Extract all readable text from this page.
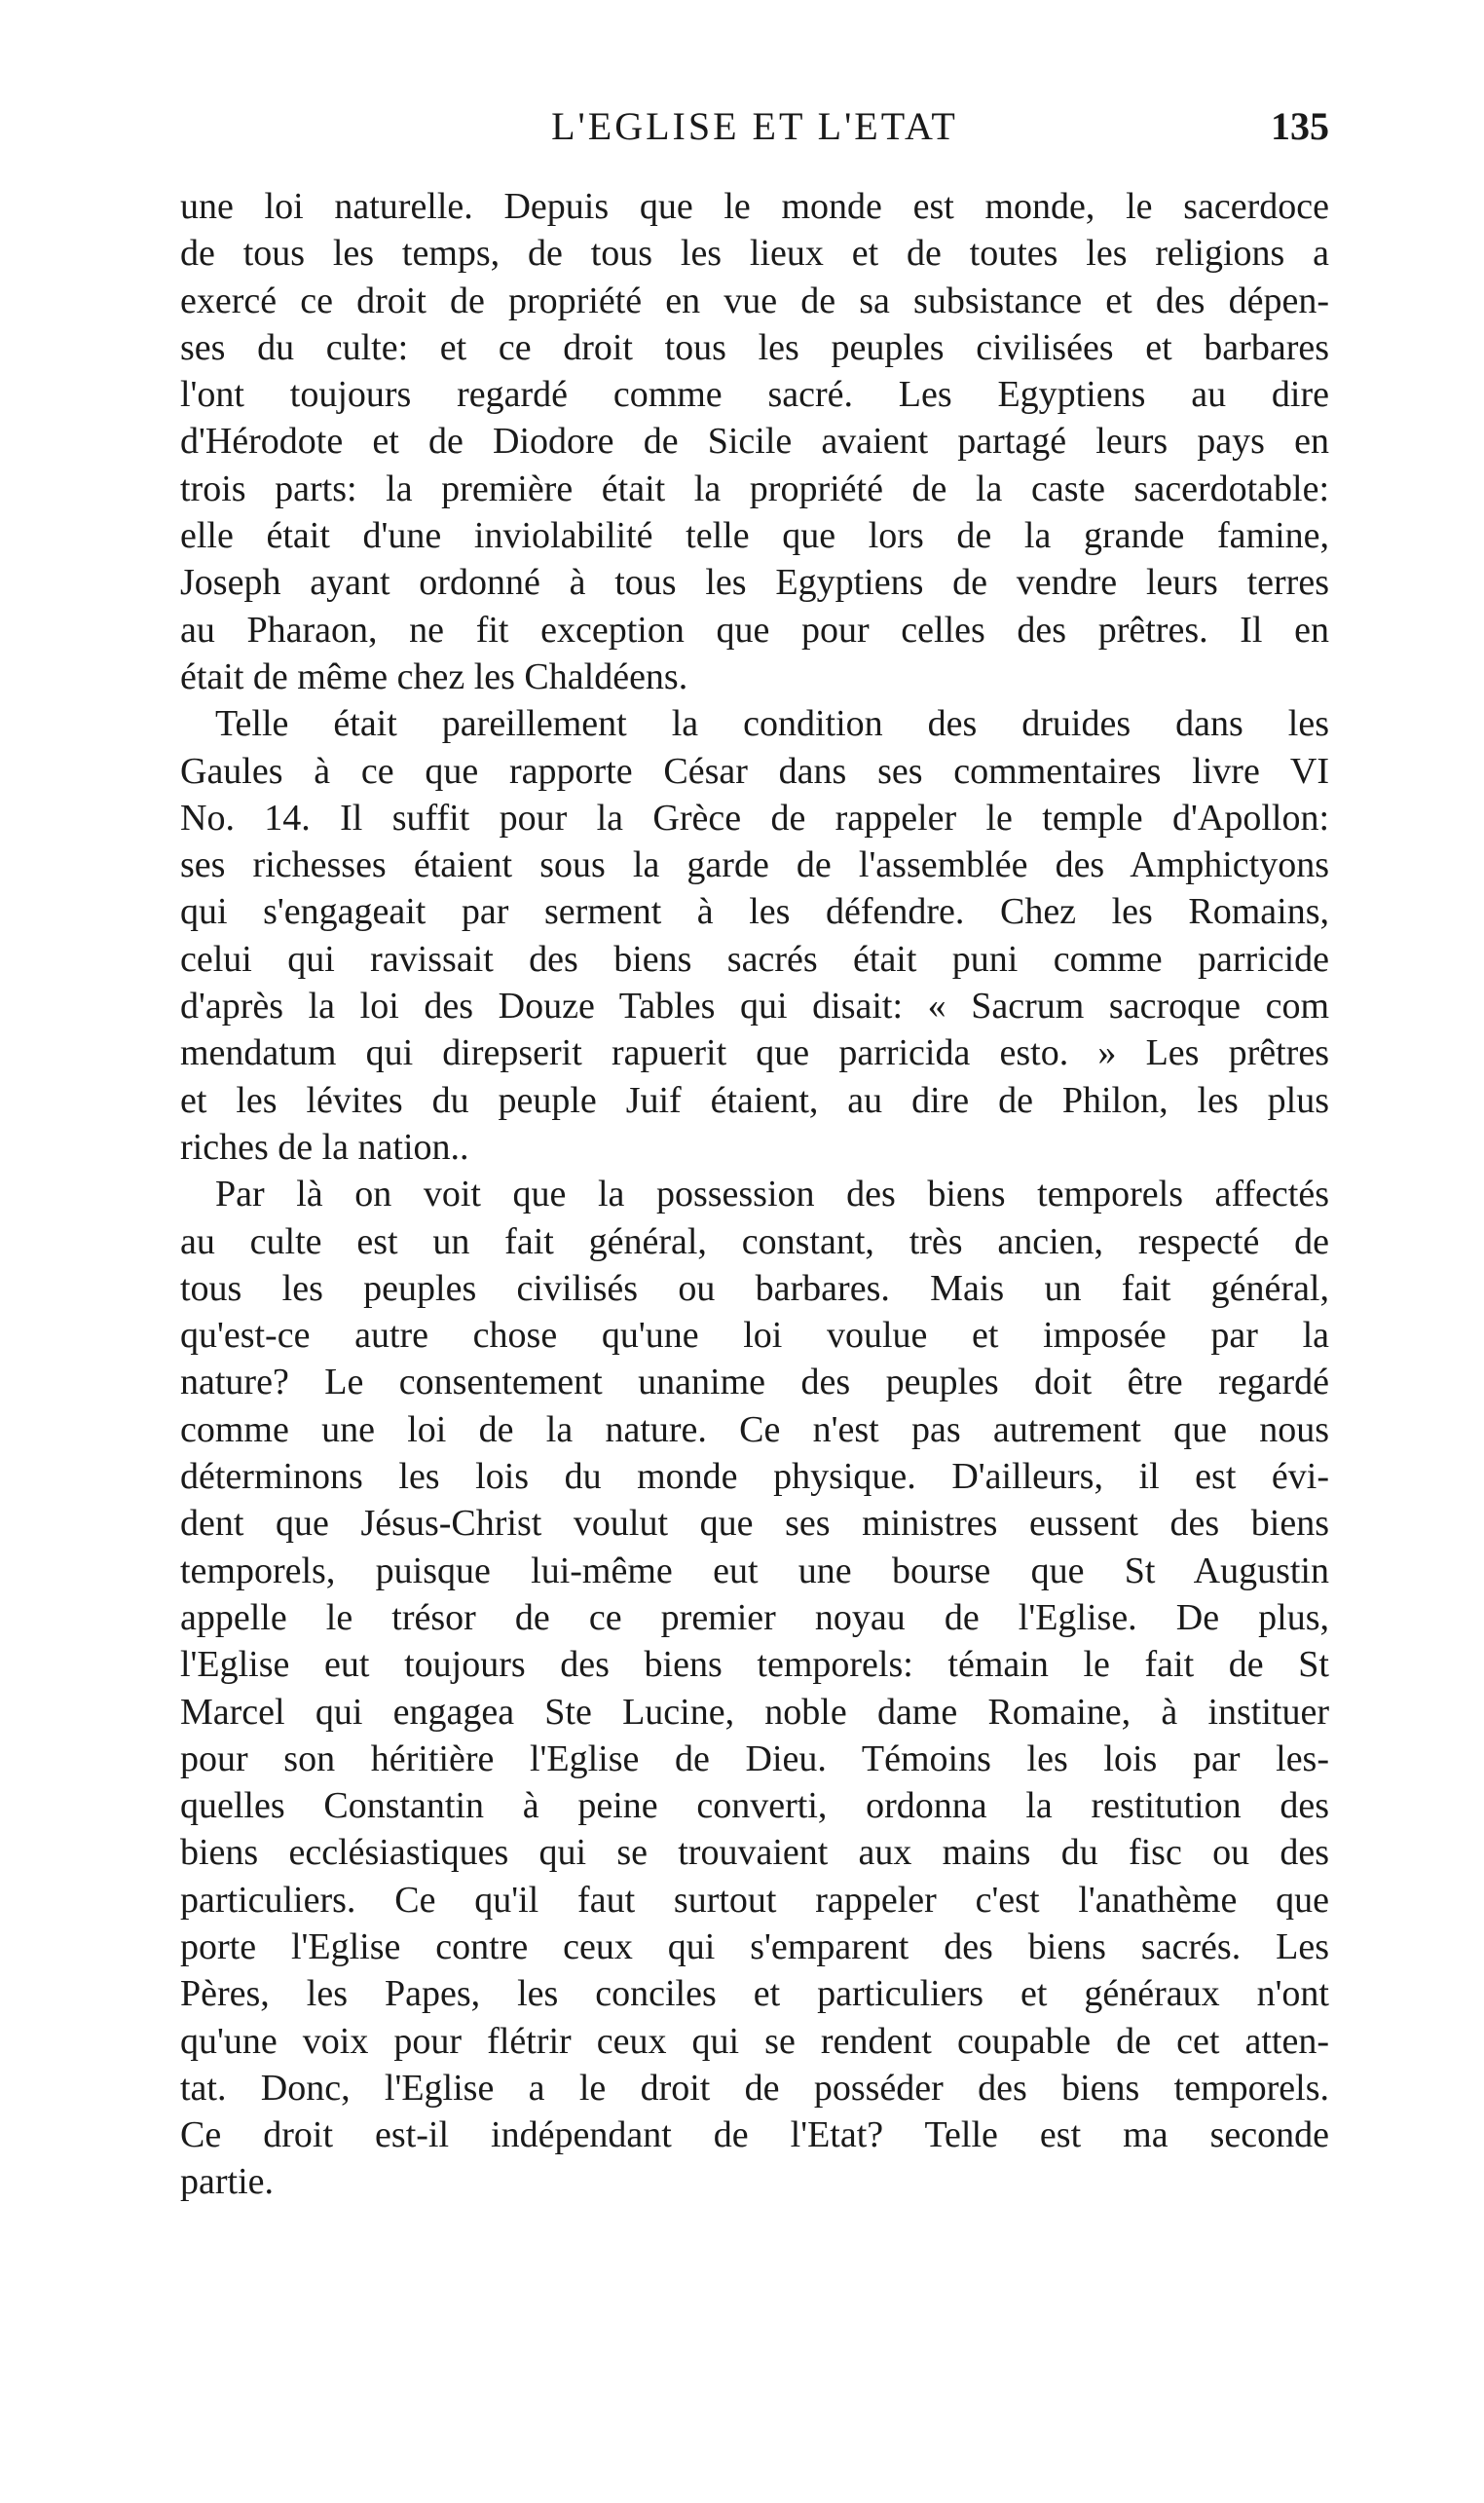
L'EGLISE ET L'ETAT	135
une loi naturelle. Depuis que le monde est monde, le sacerdoce
de tous les temps, de tous les lieux et de toutes les religions a
exercé ce droit de propriété en vue de sa subsistance et des dépen-
ses du culte: et ce droit tous les peuples civilisées et barbares
l'ont toujours regardé comme sacré. Les Egyptiens au dire
d'Hérodote et de Diodore de Sicile avaient partagé leurs pays en
trois parts: la première était la propriété de la caste sacerdotable:
elle était d'une inviolabilité telle que lors de la grande famine,
Joseph ayant ordonné à tous les Egyptiens de vendre leurs terres
au Pharaon, ne fit exception que pour celles des prêtres. Il en
était de même chez les Chaldéens.
Telle était pareillement la condition des druides dans les
Gaules à ce que rapporte César dans ses commentaires livre VI
No. 14. Il suffit pour la Grèce de rappeler le temple d'Apollon:
ses richesses étaient sous la garde de l'assemblée des Amphictyons
qui s'engageait par serment à les défendre. Chez les Romains,
celui qui ravissait des biens sacrés était puni comme parricide
d'après la loi des Douze Tables qui disait: « Sacrum sacroque com
mendatum qui direpserit rapuerit que parricida esto. » Les prêtres
et les lévites du peuple Juif étaient, au dire de Philon, les plus
riches de la nation..
Par là on voit que la possession des biens temporels affectés
au culte est un fait général, constant, très ancien, respecté de
tous les peuples civilisés ou barbares. Mais un fait général,
qu'est-ce autre chose qu'une loi voulue et imposée par la
nature? Le consentement unanime des peuples doit être regardé
comme une loi de la nature. Ce n'est pas autrement que nous
déterminons les lois du monde physique. D'ailleurs, il est évi-
dent que Jésus-Christ voulut que ses ministres eussent des biens
temporels, puisque lui-même eut une bourse que St Augustin
appelle le trésor de ce premier noyau de l'Eglise. De plus,
l'Eglise eut toujours des biens temporels: témain le fait de St
Marcel qui engagea Ste Lucine, noble dame Romaine, à instituer
pour son héritière l'Eglise de Dieu. Témoins les lois par les-
quelles Constantin à peine converti, ordonna la restitution des
biens ecclésiastiques qui se trouvaient aux mains du fisc ou des
particuliers. Ce qu'il faut surtout rappeler c'est l'anathème que
porte l'Eglise contre ceux qui s'emparent des biens sacrés. Les
Pères, les Papes, les conciles et particuliers et généraux n'ont
qu'une voix pour flétrir ceux qui se rendent coupable de cet atten-
tat. Donc, l'Eglise a le droit de posséder des biens temporels.
Ce droit est-il indépendant de l'Etat? Telle est ma seconde
partie.
